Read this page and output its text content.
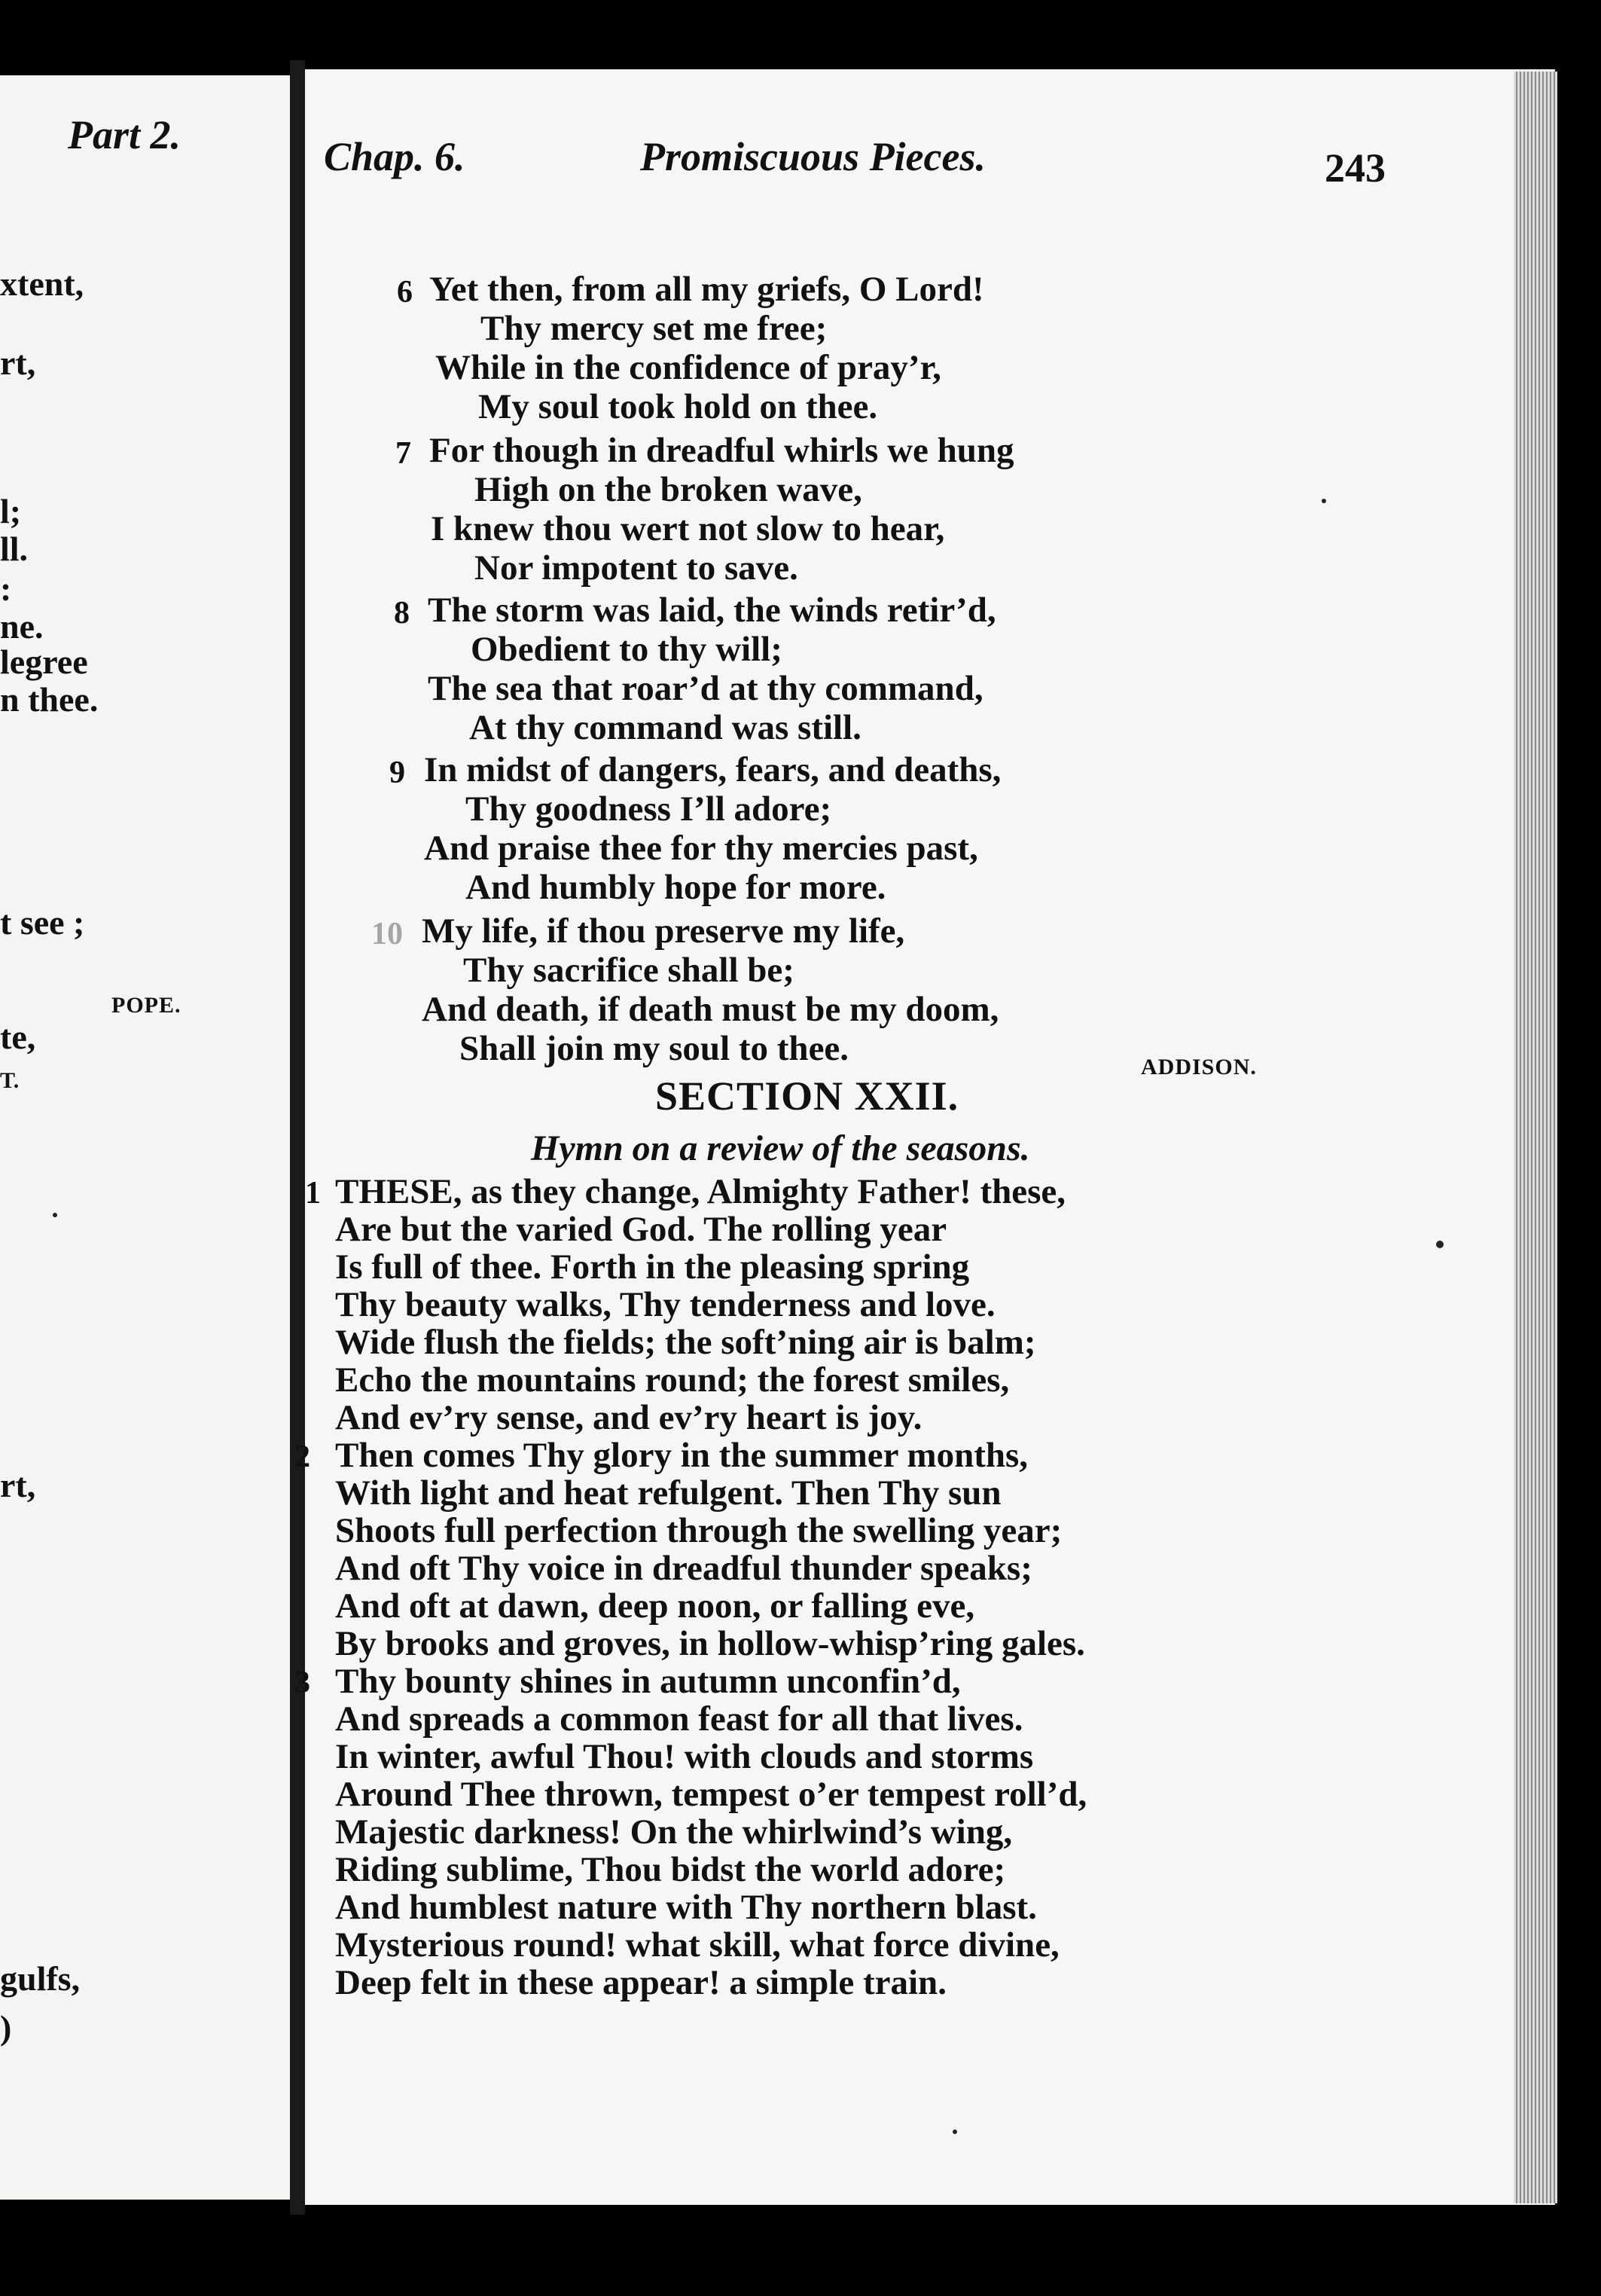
Part 2.
xtent,
rt,
l;
ll.
:
ne.
legree
n thee.
t see ;
te,
T.
POPE.
rt,
gulfs,
)
Chap. 6.	Promiscuous Pieces.	243
6 Yet then, from all my griefs, O Lord!
Thy mercy set me free;
While in the confidence of pray’r,
My soul took hold on thee.
7 For though in dreadful whirls we hung
High on the broken wave,
I knew thou wert not slow to hear,
Nor impotent to save.
8 The storm was laid, the winds retir’d,
Obedient to thy will;
The sea that roar’d at thy command,
At thy command was still.
9 In midst of dangers, fears, and deaths,
Thy goodness I’ll adore;
And praise thee for thy mercies past,
And humbly hope for more.
10 My life, if thou preserve my life,
Thy sacrifice shall be;
And death, if death must be my doom,
Shall join my soul to thee.	ADDISON.
SECTION XXII.
Hymn on a review of the seasons.
1 THESE, as they change, Almighty Father! these,
Are but the varied God. The rolling year
Is full of thee. Forth in the pleasing spring
Thy beauty walks, Thy tenderness and love.
Wide flush the fields; the soft’ning air is balm;
Echo the mountains round; the forest smiles,
And ev’ry sense, and ev’ry heart is joy.
2 Then comes Thy glory in the summer months,
With light and heat refulgent. Then Thy sun
Shoots full perfection through the swelling year;
And oft Thy voice in dreadful thunder speaks;
And oft at dawn, deep noon, or falling eve,
By brooks and groves, in hollow-whisp’ring gales.
3 Thy bounty shines in autumn unconfin’d,
And spreads a common feast for all that lives.
In winter, awful Thou! with clouds and storms
Around Thee thrown, tempest o’er tempest roll’d,
Majestic darkness! On the whirlwind’s wing,
Riding sublime, Thou bidst the world adore;
And humblest nature with Thy northern blast.
Mysterious round! what skill, what force divine,
Deep felt in these appear! a simple train.
